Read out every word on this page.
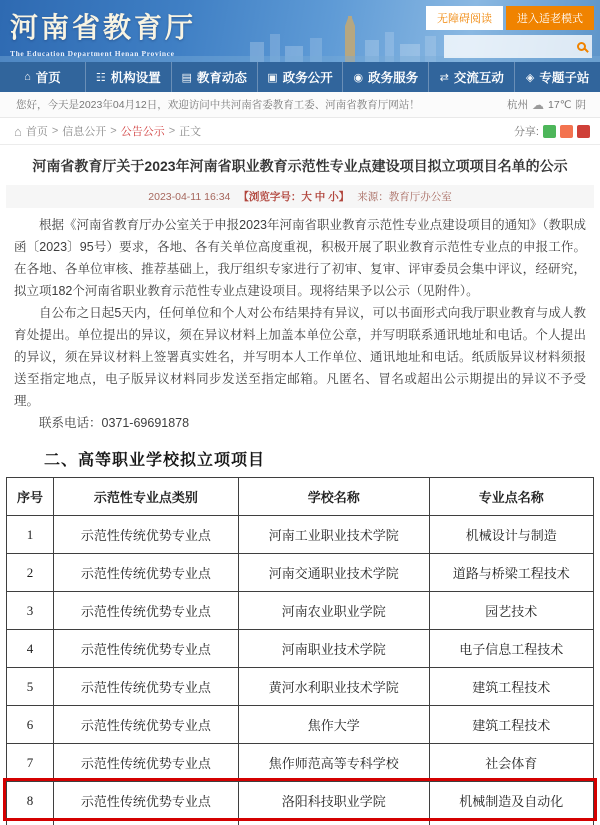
河南省教育厅
The Education Department Henan Province
无障碍阅读	进入适老模式
⌂ 首页	☷ 机构设置 ▤ 教育动态 ▣ 政务公开 ◉ 政务服务 ⇄ 交流互动 ◈ 专题子站
您好，今天是2023年04月12日，欢迎访问中共河南省委教育工委、河南省教育厅网站！	杭州 ☁ 17℃ 阴
⌂ 首页 > 信息公开 > 公告公示 > 正文	分享:
河南省教育厅关于2023年河南省职业教育示范性专业点建设项目拟立项项目名单的公示
2023-04-11 16:34 【浏览字号：大 中 小】 来源：教育厅办公室

根据《河南省教育厅办公室关于申报2023年河南省职业教育示范性专业点建设项目的通知》（教职成函〔2023〕95号）要求，各地、各有关单位高度重视，积极开展了职业教育示范性专业点的申报工作。在各地、各单位审核、推荐基础上，我厅组织专家进行了初审、复审、评审委员会集中评议，经研究，拟立项182个河南省职业教育示范性专业点建设项目。现将结果予以公示（见附件）。

自公布之日起5天内，任何单位和个人对公布结果持有异议，可以书面形式向我厅职业教育与成人教育处提出。单位提出的异议，须在异议材料上加盖本单位公章，并写明联系通讯地址和电话。个人提出的异议，须在异议材料上签署真实姓名，并写明本人工作单位、通讯地址和电话。纸质版异议材料须报送至指定地点，电子版异议材料同步发送至指定邮箱。凡匿名、冒名或超出公示期提出的异议不予受理。

联系电话：0371-69691878

二、高等职业学校拟立项项目
序号	示范性专业点类别	学校名称	专业点名称
1	示范性传统优势专业点	河南工业职业技术学院	机械设计与制造
2	示范性传统优势专业点	河南交通职业技术学院	道路与桥梁工程技术
3	示范性传统优势专业点	河南农业职业学院	园艺技术
4	示范性传统优势专业点	河南职业技术学院	电子信息工程技术
5	示范性传统优势专业点	黄河水利职业技术学院	建筑工程技术
6	示范性传统优势专业点	焦作大学	建筑工程技术
7	示范性传统优势专业点	焦作师范高等专科学校	社会体育
8	示范性传统优势专业点	洛阳科技职业学院	机械制造及自动化
